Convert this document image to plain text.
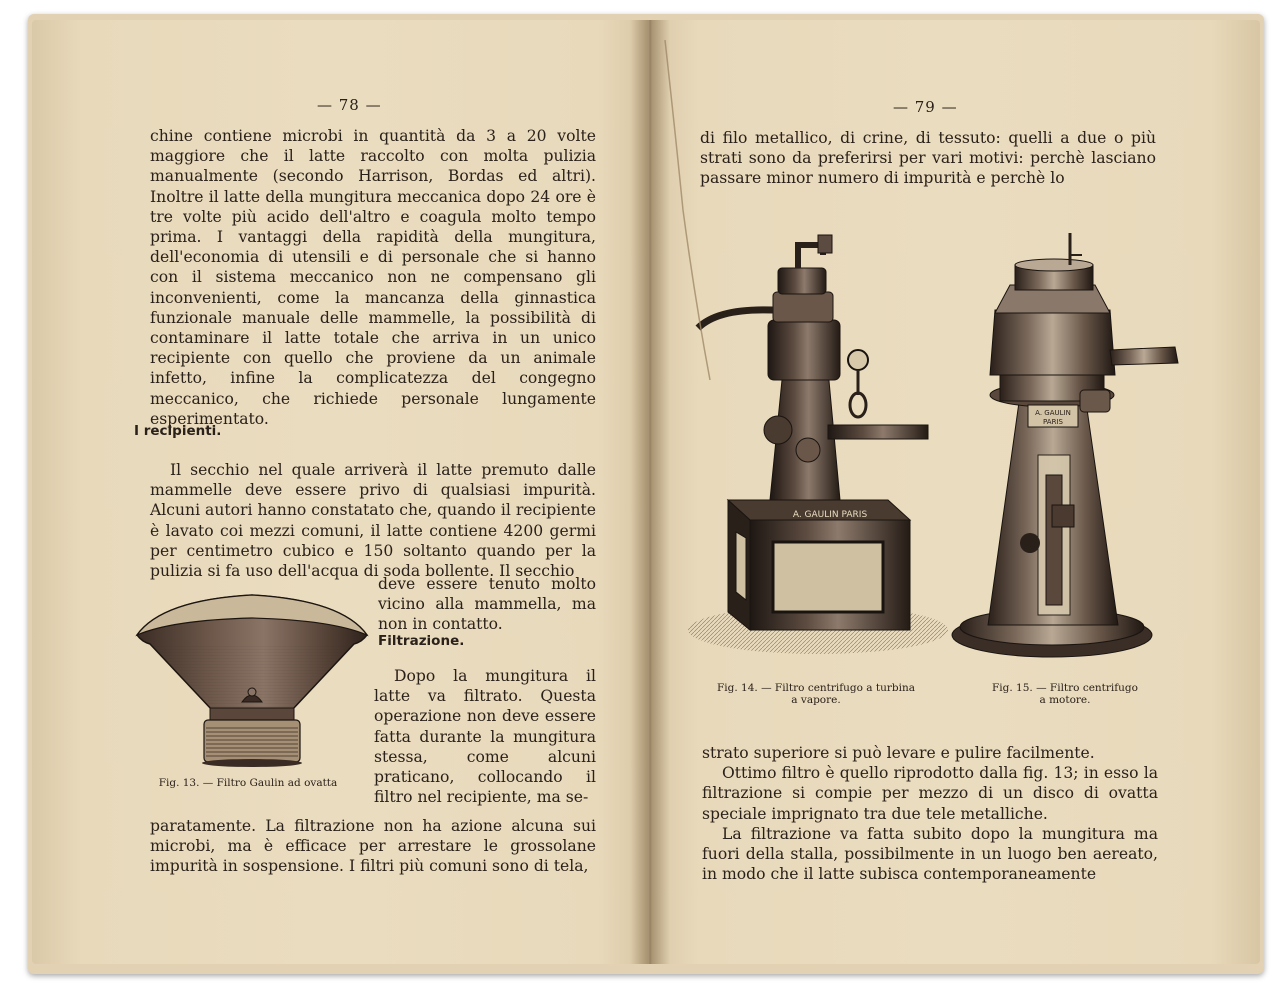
— 78 —

chine contiene microbi in quantità da 3 a 20 volte maggiore che il latte raccolto con molta pulizia manualmente (secondo Harrison, Bordas ed altri). Inoltre il latte della mungitura meccanica dopo 24 ore è tre volte più acido dell'altro e coagula molto tempo prima. I vantaggi della rapidità della mungitura, dell'economia di utensili e di personale che si hanno con il sistema meccanico non ne compensano gli inconvenienti, come la mancanza della ginnastica funzionale manuale delle mammelle, la possibilità di contaminare il latte totale che arriva in un unico recipiente con quello che proviene da un animale infetto, infine la complicatezza del congegno meccanico, che richiede personale lungamente esperimentato.

I recipienti.

Il secchio nel quale arriverà il latte premuto dalle mammelle deve essere privo di qualsiasi impurità. Alcuni autori hanno constatato che, quando il recipiente è lavato coi mezzi comuni, il latte contiene 4200 germi per centimetro cubico e 150 soltanto quando per la pulizia si fa uso dell'acqua di soda bollente. Il secchio

deve essere tenuto molto vicino alla mammella, ma non in contatto.

Fig. 13. — Filtro Gaulin ad ovatta
Filtrazione.

Dopo la mungitura il latte va filtrato. Questa operazione non deve essere fatta durante la mungitura stessa, come alcuni praticano, collocando il filtro nel recipiente, ma se-

paratamente. La filtrazione non ha azione alcuna sui microbi, ma è efficace per arrestare le grossolane impurità in sospensione. I filtri più comuni sono di tela,

— 79 —

di filo metallico, di crine, di tessuto: quelli a due o più strati sono da preferirsi per vari motivi: perchè lasciano passare minor numero di impurità e perchè lo

A. GAULIN PARIS
Fig. 14. — Filtro centrifugo a turbina
a vapore.
A. GAULIN
PARIS
Fig. 15. — Filtro centrifugo
a motore.

strato superiore si può levare e pulire facilmente.

Ottimo filtro è quello riprodotto dalla fig. 13; in esso la filtrazione si compie per mezzo di un disco di ovatta speciale imprignato tra due tele metalliche.

La filtrazione va fatta subito dopo la mungitura ma fuori della stalla, possibilmente in un luogo ben aereato, in modo che il latte subisca contemporaneamente
